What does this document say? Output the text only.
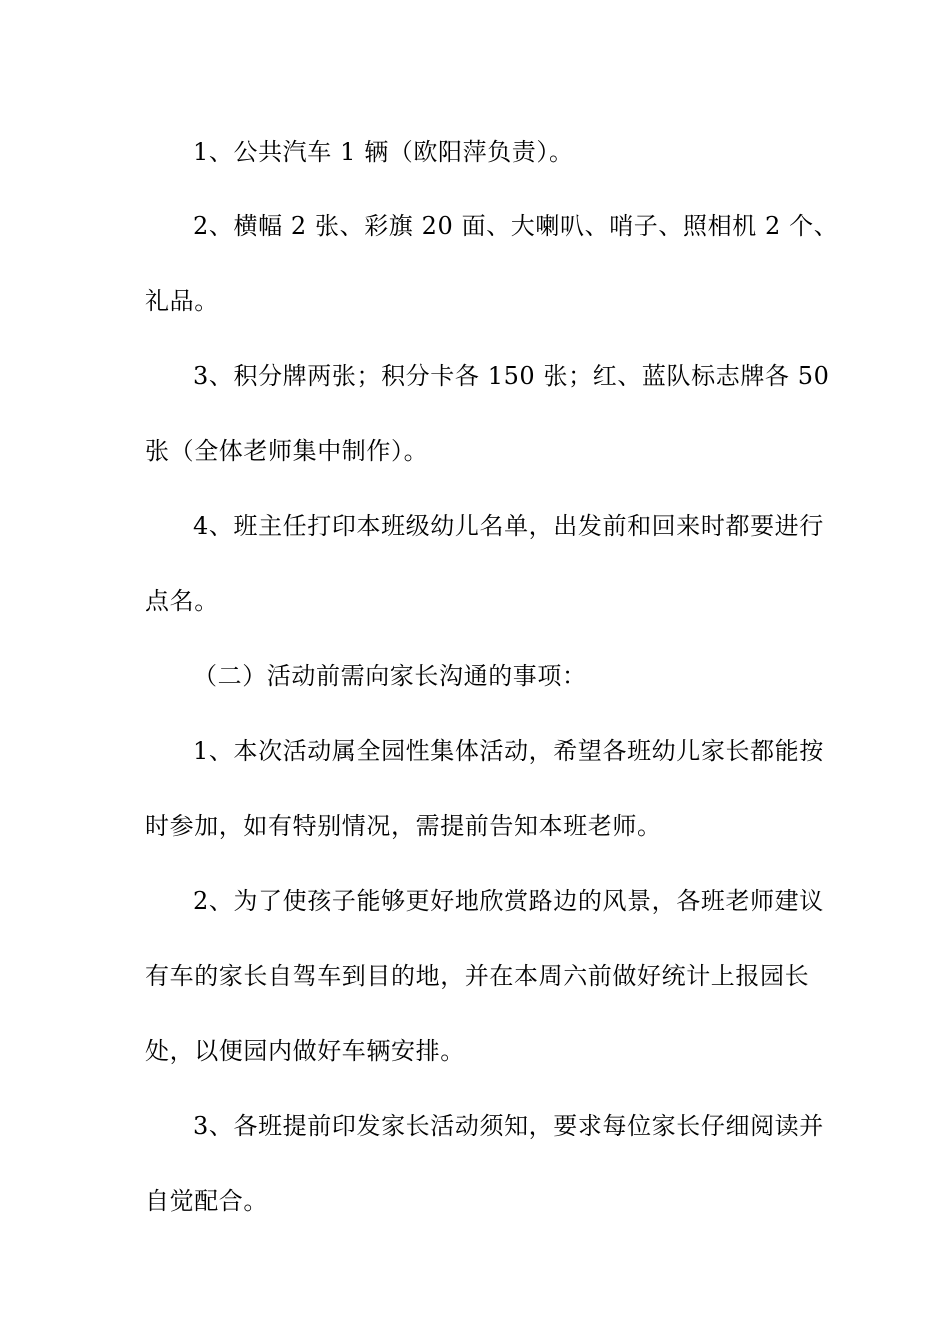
1、公共汽车 1 辆（欧阳萍负责）。
2、横幅 2 张、彩旗 20 面、大喇叭、哨子、照相机 2 个、
礼品。
3、积分牌两张；积分卡各 150 张；红、蓝队标志牌各 50
张（全体老师集中制作）。
4、班主任打印本班级幼儿名单，出发前和回来时都要进行
点名。
（二）活动前需向家长沟通的事项：
1、本次活动属全园性集体活动，希望各班幼儿家长都能按
时参加，如有特别情况，需提前告知本班老师。
2、为了使孩子能够更好地欣赏路边的风景，各班老师建议
有车的家长自驾车到目的地，并在本周六前做好统计上报园长
处，以便园内做好车辆安排。
3、各班提前印发家长活动须知，要求每位家长仔细阅读并
自觉配合。
